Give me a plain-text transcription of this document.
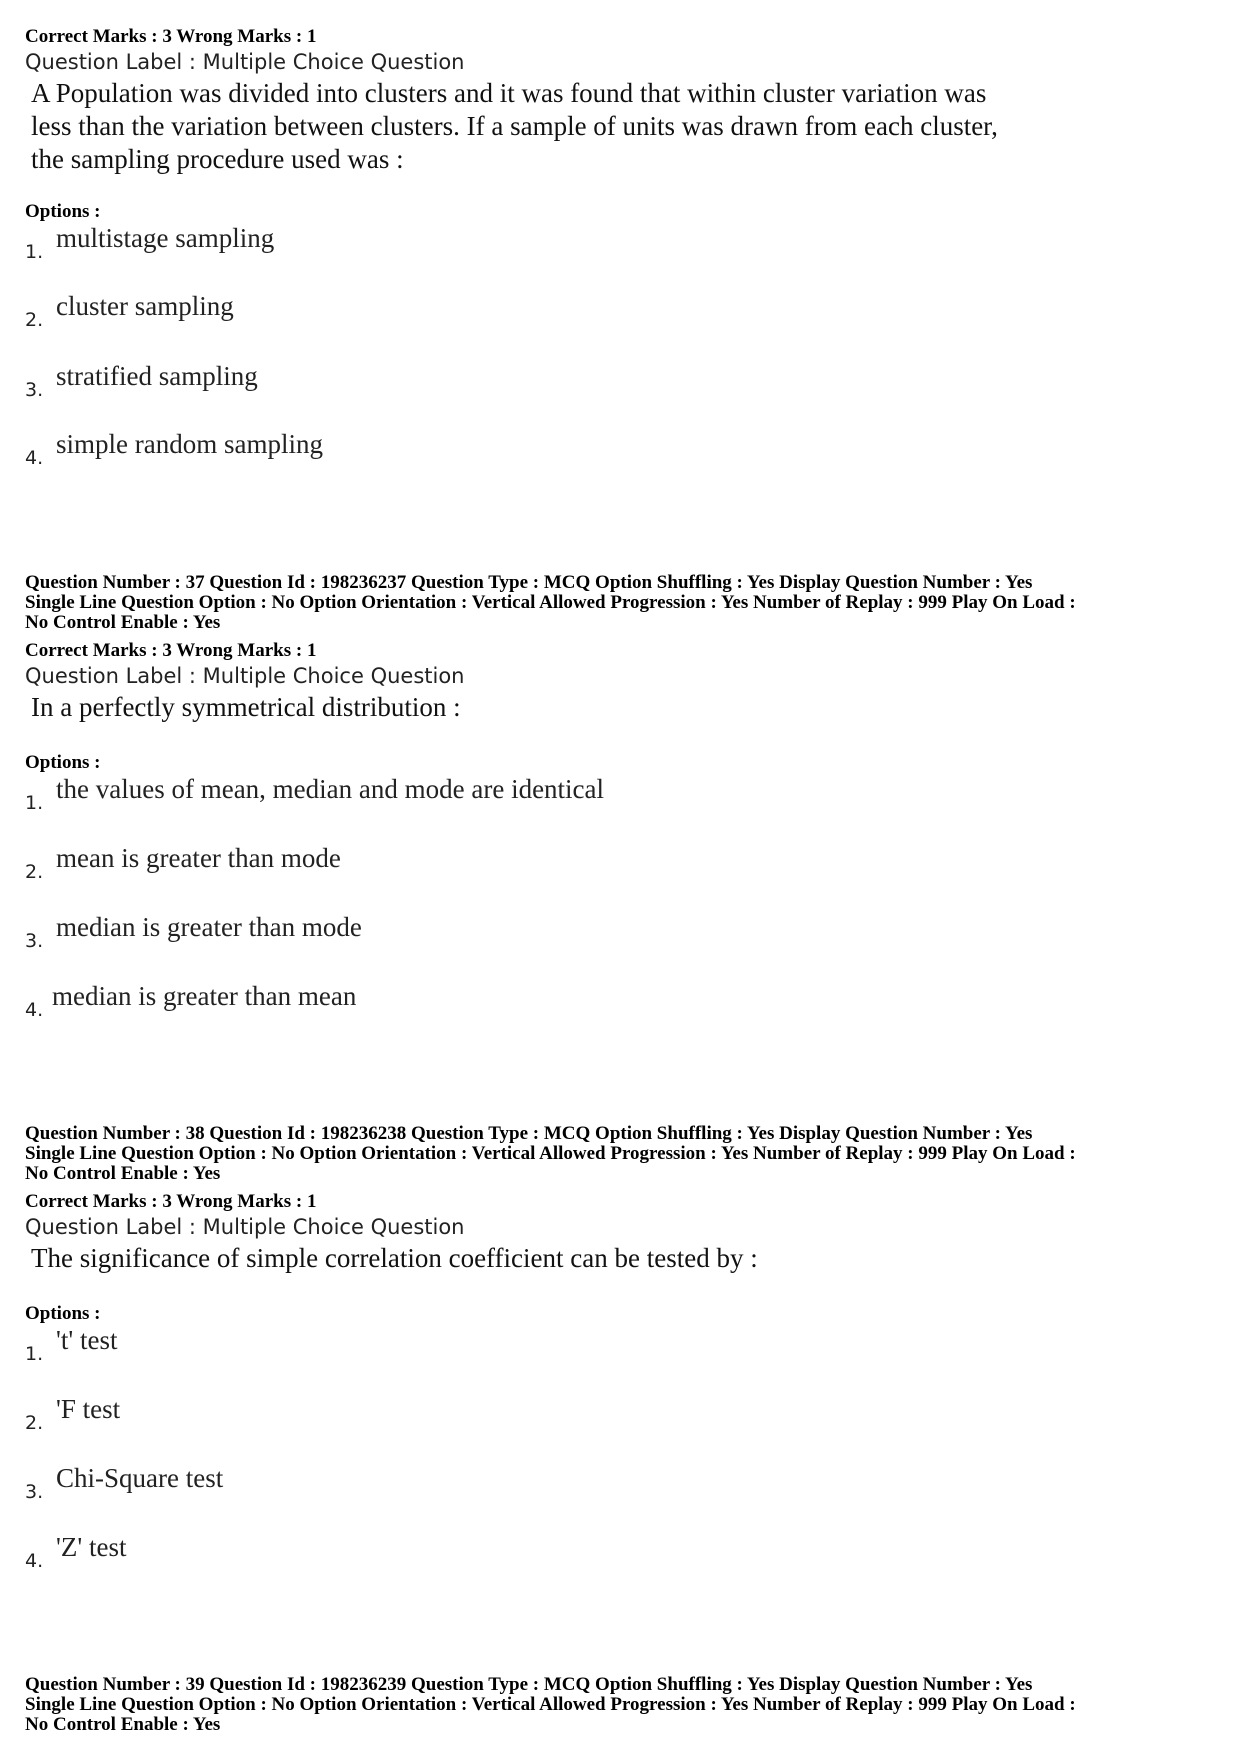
Correct Marks : 3 Wrong Marks : 1

Question Label : Multiple Choice Question

A Population was divided into clusters and it was found that within cluster variation was
less than the variation between clusters. If a sample of units was drawn from each cluster,
the sampling procedure used was :

Options :

1. multistage sampling
2. cluster sampling
3. stratified sampling
4. simple random sampling

Question Number : 37 Question Id : 198236237 Question Type : MCQ Option Shuffling : Yes Display Question Number : Yes

Single Line Question Option : No Option Orientation : Vertical Allowed Progression : Yes Number of Replay : 999 Play On Load :

No Control Enable : Yes

Correct Marks : 3 Wrong Marks : 1

Question Label : Multiple Choice Question

In a perfectly symmetrical distribution :

Options :

1. the values of mean, median and mode are identical
2. mean is greater than mode
3. median is greater than mode
4. median is greater than mean

Question Number : 38 Question Id : 198236238 Question Type : MCQ Option Shuffling : Yes Display Question Number : Yes

Single Line Question Option : No Option Orientation : Vertical Allowed Progression : Yes Number of Replay : 999 Play On Load :

No Control Enable : Yes

Correct Marks : 3 Wrong Marks : 1

Question Label : Multiple Choice Question

The significance of simple correlation coefficient can be tested by :

Options :

1. 't' test
2. 'F test
3. Chi-Square test
4. 'Z' test

Question Number : 39 Question Id : 198236239 Question Type : MCQ Option Shuffling : Yes Display Question Number : Yes

Single Line Question Option : No Option Orientation : Vertical Allowed Progression : Yes Number of Replay : 999 Play On Load :

No Control Enable : Yes
